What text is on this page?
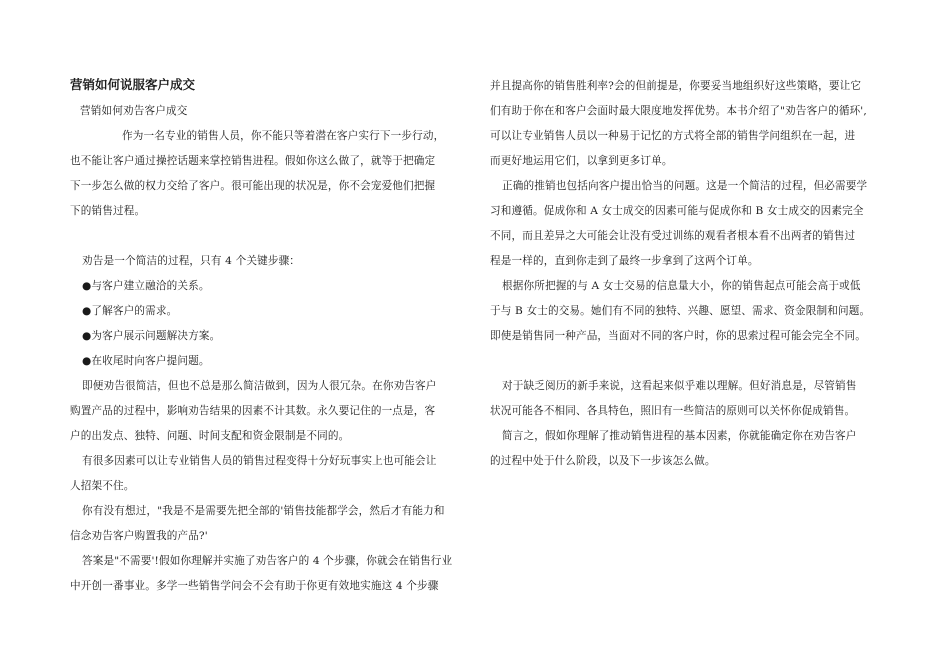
营销如何说服客户成交
营销如何劝告客户成交
作为一名专业的销售人员，你不能只等着潜在客户实行下一步行动，
也不能让客户通过操控话题来掌控销售进程。假如你这么做了，就等于把确定
下一步怎么做的权力交给了客户。很可能出现的状况是，你不会宠爱他们把握
下的销售过程。
劝告是一个简洁的过程，只有 4 个关键步骤：
●与客户建立融洽的关系。
●了解客户的需求。
●为客户展示问题解决方案。
●在收尾时向客户提问题。
即便劝告很简洁，但也不总是那么简洁做到，因为人很冗杂。在你劝告客户
购置产品的过程中，影响劝告结果的因素不计其数。永久要记住的一点是，客
户的出发点、独特、问题、时间支配和资金限制是不同的。
有很多因素可以让专业销售人员的销售过程变得十分好玩事实上也可能会让
人招架不住。
你有没有想过，"我是不是需要先把全部的'销售技能都学会，然后才有能力和
信念劝告客户购置我的产品?'
答案是"不需要'!假如你理解并实施了劝告客户的 4 个步骤，你就会在销售行业
中开创一番事业。多学一些销售学问会不会有助于你更有效地实施这 4 个步骤
并且提高你的销售胜利率?会的但前提是，你要妥当地组织好这些策略，要让它
们有助于你在和客户会面时最大限度地发挥优势。本书介绍了"劝告客户的循环',
可以让专业销售人员以一种易于记忆的方式将全部的销售学问组织在一起，进
而更好地运用它们，以拿到更多订单。
正确的推销也包括向客户提出恰当的问题。这是一个简洁的过程，但必需要学
习和遵循。促成你和 A 女士成交的因素可能与促成你和 B 女士成交的因素完全
不同，而且差异之大可能会让没有受过训练的观看者根本看不出两者的销售过
程是一样的，直到你走到了最终一步拿到了这两个订单。
根据你所把握的与 A 女士交易的信息量大小，你的销售起点可能会高于或低
于与 B 女士的交易。她们有不同的独特、兴趣、愿望、需求、资金限制和问题。
即使是销售同一种产品，当面对不同的客户时，你的思索过程可能会完全不同。
对于缺乏阅历的新手来说，这看起来似乎难以理解。但好消息是，尽管销售
状况可能各不相同、各具特色，照旧有一些简洁的原则可以关怀你促成销售。
简言之，假如你理解了推动销售进程的基本因素，你就能确定你在劝告客户
的过程中处于什么阶段，以及下一步该怎么做。
